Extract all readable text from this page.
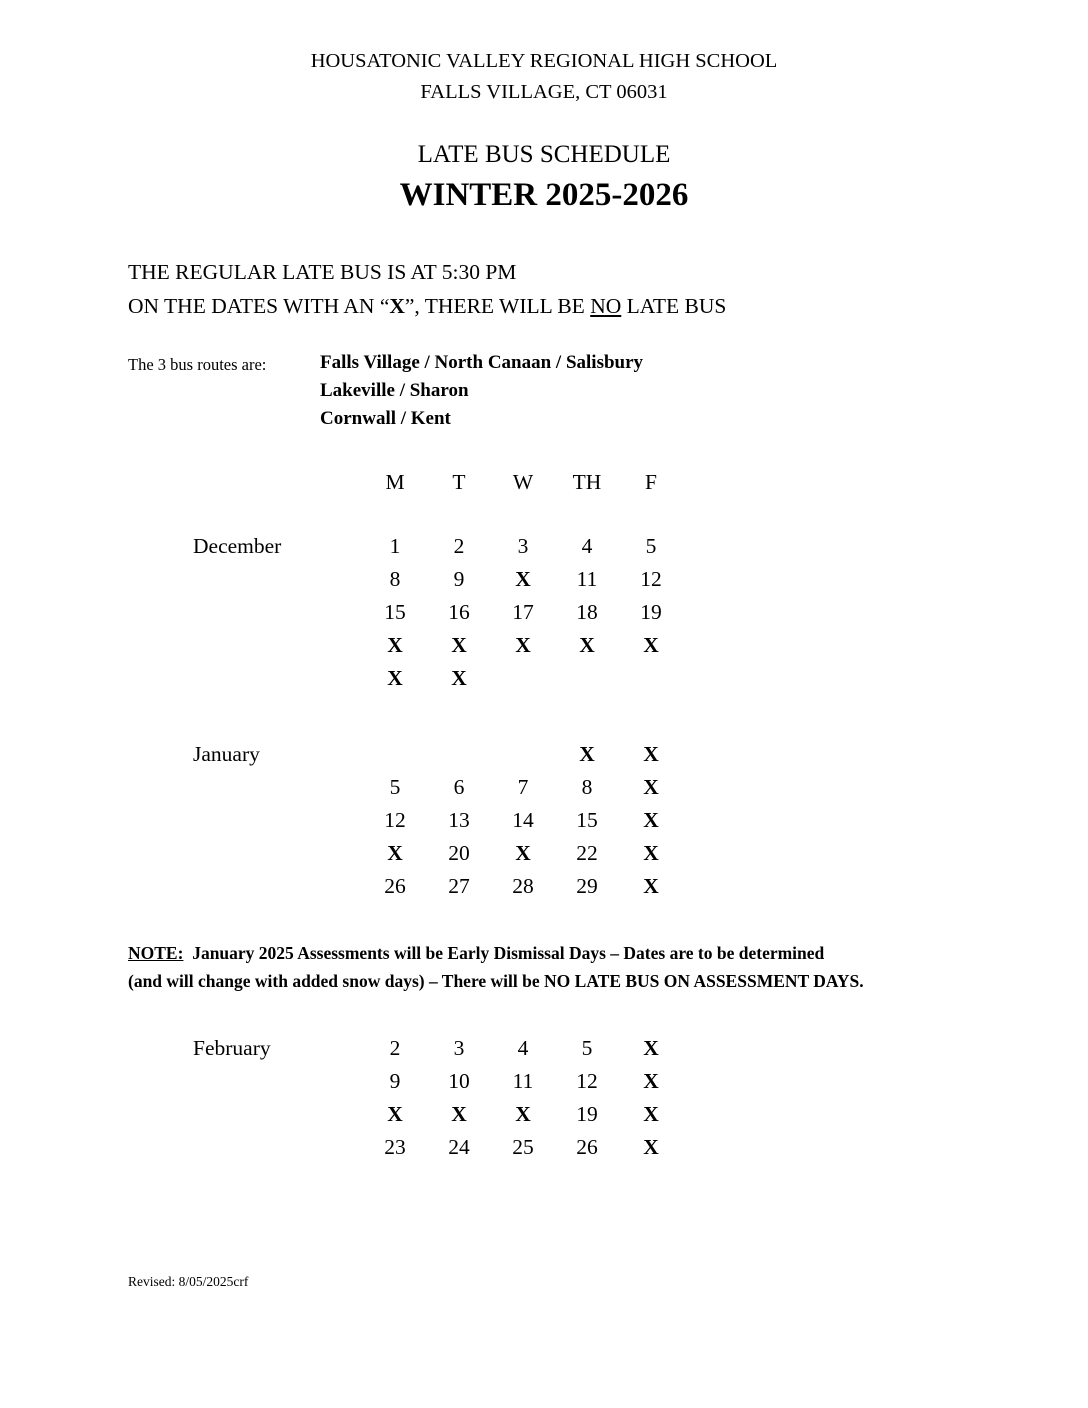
HOUSATONIC VALLEY REGIONAL HIGH SCHOOL
FALLS VILLAGE, CT 06031
LATE BUS SCHEDULE
WINTER 2025-2026
THE REGULAR LATE BUS IS AT 5:30 PM
ON THE DATES WITH AN “X”, THERE WILL BE NO LATE BUS
The 3 bus routes are:	Falls Village / North Canaan / Salisbury
Lakeville / Sharon
Cornwall / Kent
	M	T	W	TH	F
December	1	2	3	4	5
	8	9	X	11	12
	15	16	17	18	19
	X	X	X	X	X
	X	X			
January				X	X
	5	6	7	8	X
	12	13	14	15	X
	X	20	X	22	X
	26	27	28	29	X
NOTE: January 2025 Assessments will be Early Dismissal Days – Dates are to be determined
(and will change with added snow days) – There will be NO LATE BUS ON ASSESSMENT DAYS.
February	2	3	4	5	X
	9	10	11	12	X
	X	X	X	19	X
	23	24	25	26	X
Revised: 8/05/2025crf
